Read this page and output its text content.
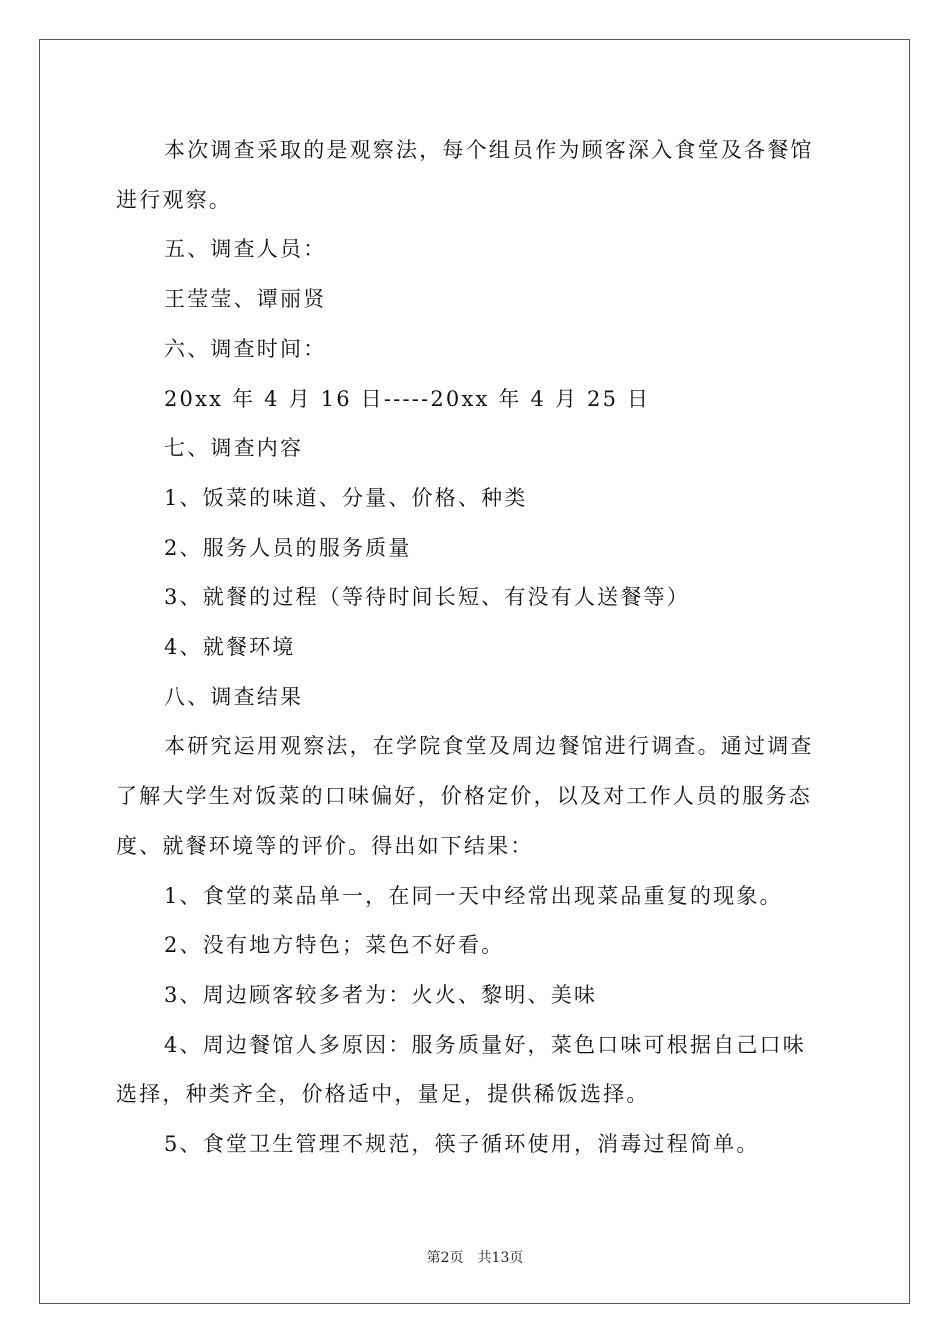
本次调查采取的是观察法，每个组员作为顾客深入食堂及各餐馆

进行观察。

五、调查人员：

王莹莹、谭丽贤

六、调查时间：

20xx 年 4 月 16 日-----20xx 年 4 月 25 日

七、调查内容

1、饭菜的味道、分量、价格、种类

2、服务人员的服务质量

3、就餐的过程（等待时间长短、有没有人送餐等）

4、就餐环境

八、调查结果

本研究运用观察法，在学院食堂及周边餐馆进行调查。通过调查

了解大学生对饭菜的口味偏好，价格定价，以及对工作人员的服务态

度、就餐环境等的评价。得出如下结果：

1、食堂的菜品单一，在同一天中经常出现菜品重复的现象。

2、没有地方特色；菜色不好看。

3、周边顾客较多者为：火火、黎明、美味

4、周边餐馆人多原因：服务质量好，菜色口味可根据自己口味

选择，种类齐全，价格适中，量足，提供稀饭选择。

5、食堂卫生管理不规范，筷子循环使用，消毒过程简单。

第2页 共13页
